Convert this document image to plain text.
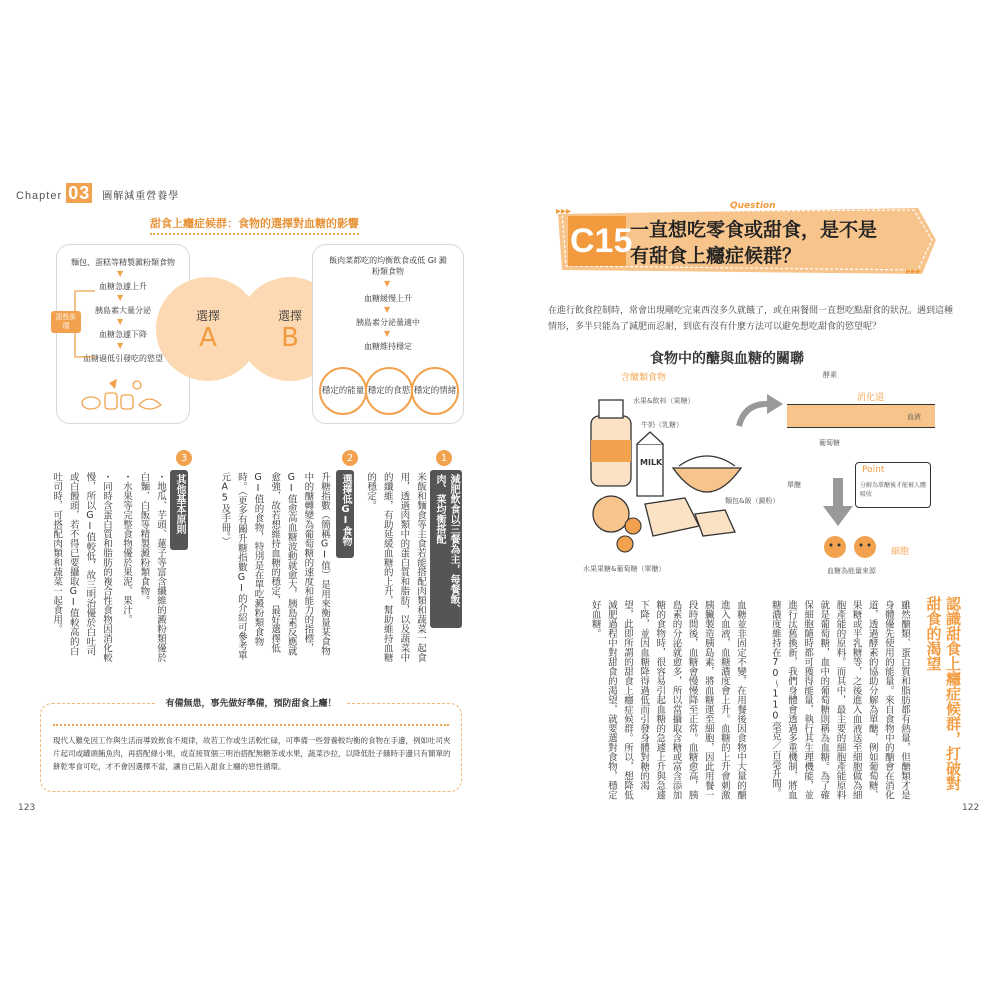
Chapter 03 圖解減重營養學
甜食上癮症候群：食物的選擇對血糖的影響
麵包、蛋糕等精製澱粉類食物
▼
血糖急遽上升
▼
胰島素大量分泌
▼
血糖急遽下降
▼
血糖過低引發吃的慾望
惡性循環
選擇
A
選擇
B
飯肉菜都吃的均衡飲食或低 GI 澱粉類食物
▼
血糖緩慢上升
▼
胰島素分泌量適中
▼
血糖維持穩定
穩定的能量 穩定的食慾 穩定的情緒
1
減肥飲食以三餐為主，每餐飯、肉、菜均衡搭配
米飯和麵食等主食若能搭配肉類和蔬菜一起食用，透過肉類中的蛋白質和脂肪，以及蔬菜中的纖維，有助延緩血糖的上升，幫助維持血糖的穩定。
2
選擇低GI食物
升糖指數（簡稱GI值）是用來衡量某食物中的醣轉變為葡萄糖的速度和能力的指標，GI值愈高血糖波動就愈大，胰島素反應就愈強，故若想維持血糖的穩定，最好選擇低GI值的食物，特別是在單吃澱粉類食物時。（更多有關升糖指數GI的介紹可參考單元A5及手冊。）
3
其他基本原則
・地瓜、芋頭、蓮子等富含纖維的澱粉類優於白麵、白飯等精製澱粉類食物。
・水果等完整食物優於果泥、果汁。
・同時含蛋白質和脂肪的複合性食物因消化較慢，所以GI值較低，故三明治優於白吐司或白饅頭，若不得已要攝取GI值較高的白吐司時，可搭配肉類和蔬菜一起食用。
有備無患，事先做好準備，預防甜食上癮！
現代人難免因工作與生活而導致飲食不規律，故若工作或生活較忙碌，可準備一些營養較均衡的食物在手邊，例如吐司夾片起司或罐頭鮪魚肉，再搭配條小果，或直接買個三明治搭配無糖茶或水果，蔬菜沙拉，以降低肚子餓時手邊只有簡單的餅乾零食可吃，才不會因選擇不當，讓自己陷入甜食上癮的惡性循環。
123
▸▸▸
▸▸▸
C15
Question
一直想吃零食或甜食，是不是
有甜食上癮症候群？
在進行飲食控制時，常會出現剛吃完東西沒多久就餓了，或在兩餐間一直想吃點甜食的狀況。遇到這種情形，多半只能為了減肥而忍耐，到底有沒有什麼方法可以避免想吃甜食的慾望呢？
食物中的醣與血糖的關聯
含醣類食物
MILK
水果&飲料（果糖）
牛奶（乳糖）
麵包&飯（澱粉）
水果果糖&葡萄糖（單醣）
酵素
消化道
葡萄糖
血液
單醣
Point
分解為單醣後才能被人體吸收
細胞
血糖為能量來源
認識甜食上癮症候群，打破對甜食的渴望
雖然醣類、蛋白質和脂肪都有熱量，但醣類才是身體優先使用的能量。來自食物中的醣會在消化道，透過酵素的協助分解為單醣，例如葡萄糖、果糖或半乳糖等，之後進入血液送至細胞做為細胞產能的原料。而其中，最主要的細胞產能原料就是葡萄糖，血中的葡萄糖則稱為血糖。為了確保細胞隨時都可獲得能量，執行其生理機能，並進行汰舊換新，我們身體會透過多重機制，將血糖濃度維持在70～110毫克／百毫升間。
血糖並非固定不變，在用餐後因食物中大量的醣進入血液，血糖濃度會上升。血糖的上升會刺激胰臟製造胰島素，將血糖運至細胞，因此用餐一段時間後，血糖會慢慢降至正常。血糖愈高，胰島素的分泌就愈多，所以當攝取含糖或富含添加糖的食物時，很容易引起血糖的急遽上升與急遽下降，並因血糖降得過低而引發身體對糖的渴望，此即所謂的甜食上癮症候群。所以，想降低減肥過程中對甜食的渴望，就要選對食物，穩定好血糖。
122
